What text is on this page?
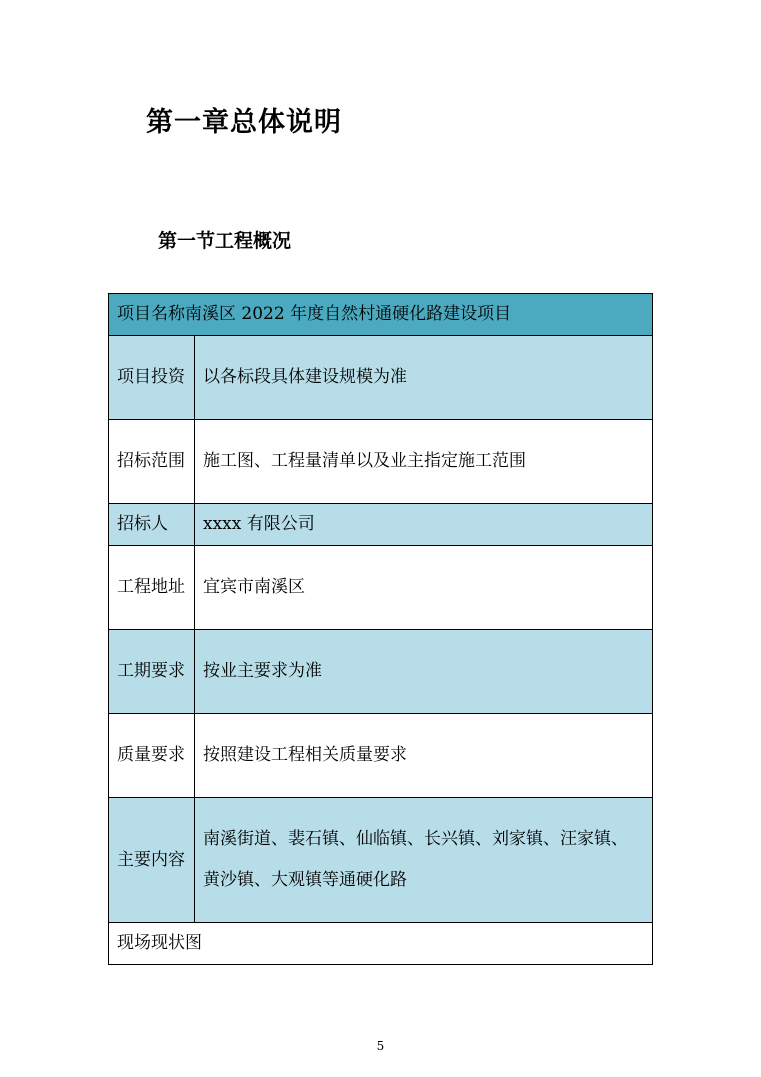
第一章总体说明
第一节工程概况
项目名称南溪区 2022 年度自然村通硬化路建设项目	
项目投资	以各标段具体建设规模为准
招标范围	施工图、工程量清单以及业主指定施工范围
招标人	xxxx 有限公司
工程地址	宜宾市南溪区
工期要求	按业主要求为准
质量要求	按照建设工程相关质量要求
主要内容	南溪街道、裴石镇、仙临镇、长兴镇、刘家镇、汪家镇、黄沙镇、大观镇等通硬化路
现场现状图	
5
